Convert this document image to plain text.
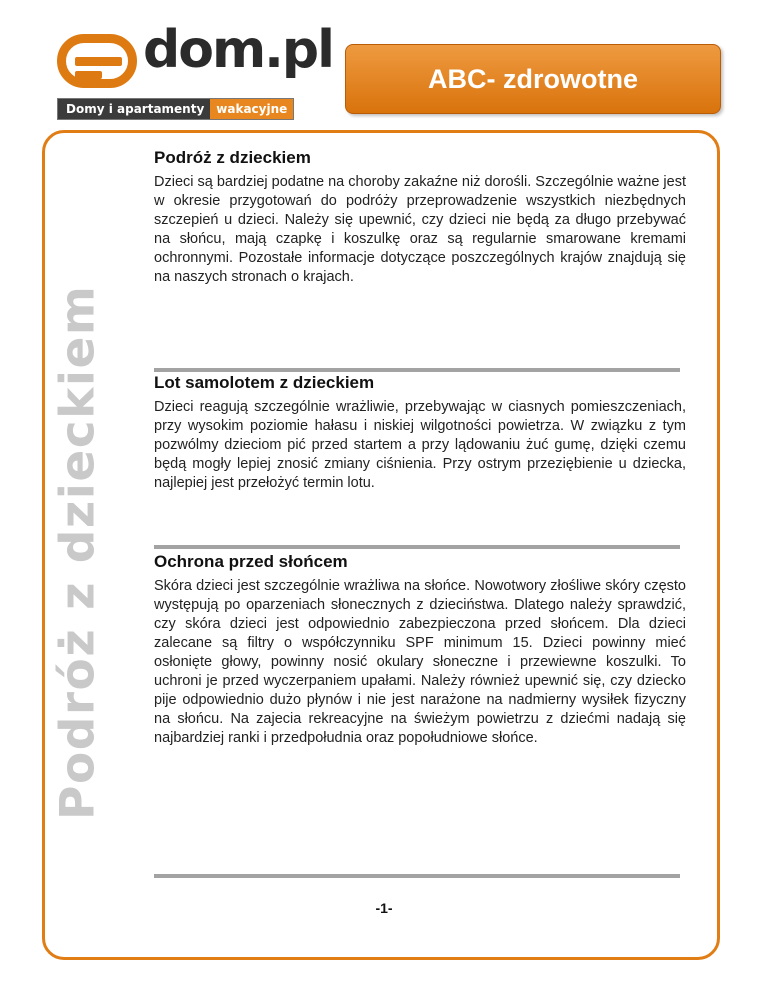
dom.pl
Domy i apartamenty	wakacyjne
ABC- zdrowotne
Podróż z dzieckiem
Podróż z dzieckiem

Dzieci są bardziej podatne na choroby zakaźne niż dorośli. Szczególnie ważne jest w okresie przygotowań do podróży przeprowadzenie wszystkich niezbędnych szczepień u dzieci. Należy się upewnić, czy dzieci nie będą za długo przebywać na słońcu, mają czapkę i koszulkę oraz są regularnie smarowane kremami ochronnymi. Pozostałe informacje dotyczące poszczególnych krajów znajdują się na naszych stronach o krajach.

Lot samolotem z dzieckiem

Dzieci reagują szczególnie wrażliwie, przebywając w ciasnych pomieszczeniach, przy wysokim poziomie hałasu i niskiej wilgotności powietrza. W związku z tym pozwólmy dzieciom pić przed startem a przy lądowaniu żuć gumę, dzięki czemu będą mogły lepiej znosić zmiany ciśnienia. Przy ostrym przeziębienie u dziecka, najlepiej jest przełożyć termin lotu.

Ochrona przed słońcem

Skóra dzieci jest szczególnie wrażliwa na słońce. Nowotwory złośliwe skóry często występują po oparzeniach słonecznych z dzieciństwa. Dlatego należy sprawdzić, czy skóra dzieci jest odpowiednio zabezpieczona przed słońcem. Dla dzieci zalecane są filtry o współczynniku SPF minimum 15. Dzieci powinny mieć osłonięte głowy, powinny nosić okulary słoneczne i przewiewne koszulki. To uchroni je przed wyczerpaniem upałami. Należy również upewnić się, czy dziecko pije odpowiednio dużo płynów i nie jest narażone na nadmierny wysiłek fizyczny na słońcu. Na zajecia rekreacyjne na świeżym powietrzu z dziećmi nadają się najbardziej ranki i przedpołudnia oraz popołudniowe słońce.

-1-
